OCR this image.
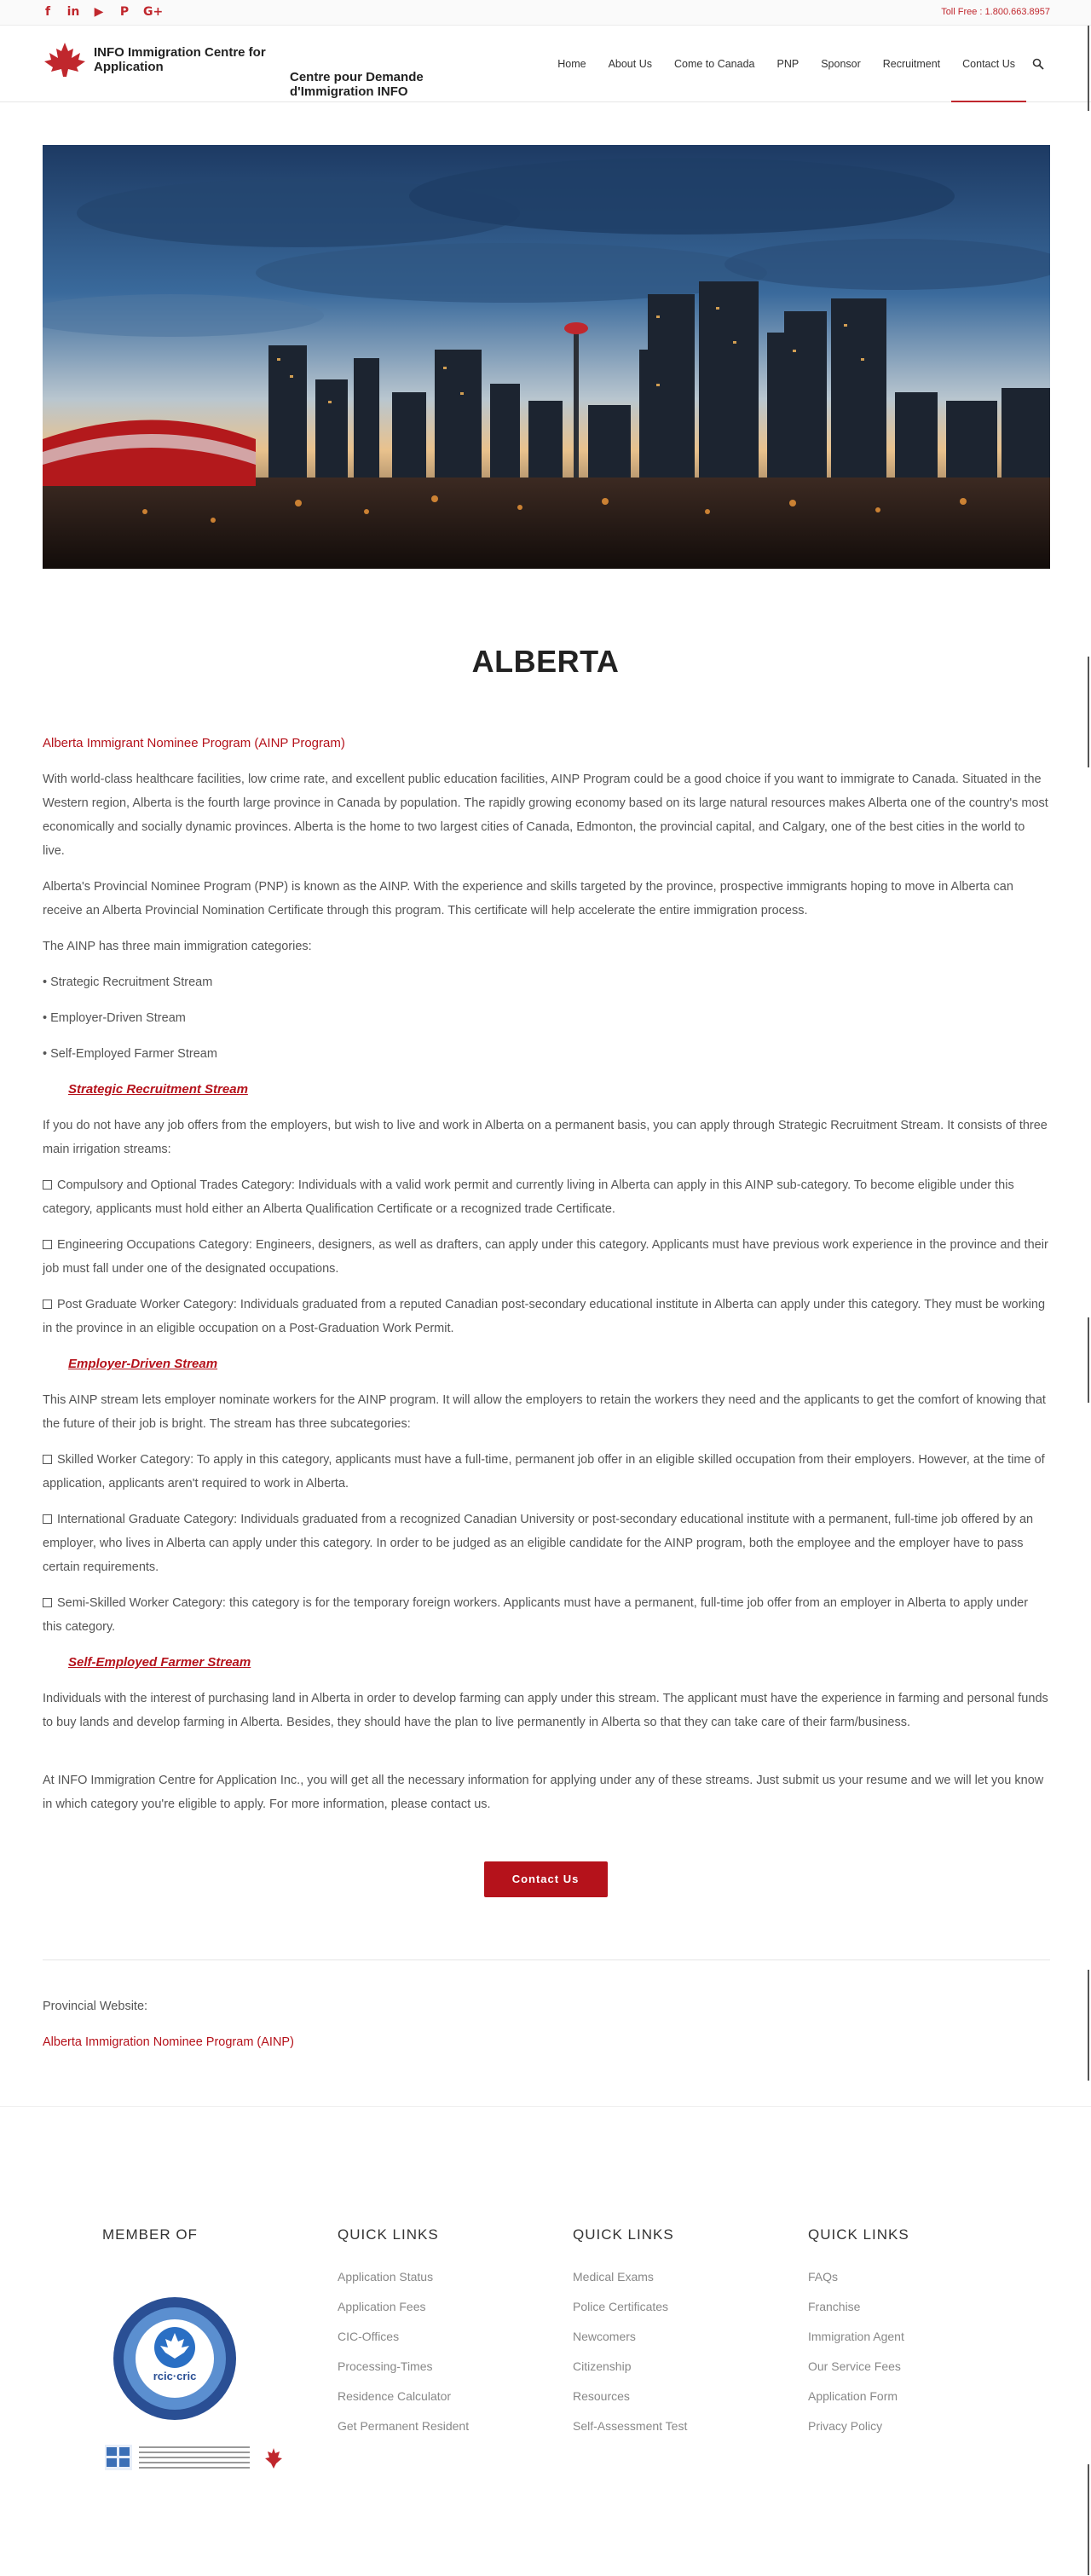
f	in ▶ P G+	Toll Free : 1.800.663.8957
INFO Immigration Centre for Application
Centre pour Demande d'Immigration INFO
Home	About Us	Come to Canada	PNP	Sponsor	Recruitment	Contact Us
ALBERTA

Alberta Immigrant Nominee Program (AINP Program)

With world-class healthcare facilities, low crime rate, and excellent public education facilities, AINP Program could be a good choice if you want to immigrate to Canada. Situated in the Western region, Alberta is the fourth large province in Canada by population. The rapidly growing economy based on its large natural resources makes Alberta one of the country's most economically and socially dynamic provinces. Alberta is the home to two largest cities of Canada, Edmonton, the provincial capital, and Calgary, one of the best cities in the world to live.

Alberta's Provincial Nominee Program (PNP) is known as the AINP. With the experience and skills targeted by the province, prospective immigrants hoping to move in Alberta can receive an Alberta Provincial Nomination Certificate through this program. This certificate will help accelerate the entire immigration process.

The AINP has three main immigration categories:

• Strategic Recruitment Stream

• Employer-Driven Stream

• Self-Employed Farmer Stream

Strategic Recruitment Stream

If you do not have any job offers from the employers, but wish to live and work in Alberta on a permanent basis, you can apply through Strategic Recruitment Stream. It consists of three main irrigation streams:

Compulsory and Optional Trades Category: Individuals with a valid work permit and currently living in Alberta can apply in this AINP sub-category. To become eligible under this category, applicants must hold either an Alberta Qualification Certificate or a recognized trade Certificate.

Engineering Occupations Category: Engineers, designers, as well as drafters, can apply under this category. Applicants must have previous work experience in the province and their job must fall under one of the designated occupations.

Post Graduate Worker Category: Individuals graduated from a reputed Canadian post-secondary educational institute in Alberta can apply under this category. They must be working in the province in an eligible occupation on a Post-Graduation Work Permit.

Employer-Driven Stream

This AINP stream lets employer nominate workers for the AINP program. It will allow the employers to retain the workers they need and the applicants to get the comfort of knowing that the future of their job is bright. The stream has three subcategories:

Skilled Worker Category: To apply in this category, applicants must have a full-time, permanent job offer in an eligible skilled occupation from their employers. However, at the time of application, applicants aren't required to work in Alberta.

International Graduate Category: Individuals graduated from a recognized Canadian University or post-secondary educational institute with a permanent, full-time job offered by an employer, who lives in Alberta can apply under this category. In order to be judged as an eligible candidate for the AINP program, both the employee and the employer have to pass certain requirements.

Semi-Skilled Worker Category: this category is for the temporary foreign workers. Applicants must have a permanent, full-time job offer from an employer in Alberta to apply under this category.

Self-Employed Farmer Stream

Individuals with the interest of purchasing land in Alberta in order to develop farming can apply under this stream. The applicant must have the experience in farming and personal funds to buy lands and develop farming in Alberta. Besides, they should have the plan to live permanently in Alberta so that they can take care of their farm/business.

At INFO Immigration Centre for Application Inc., you will get all the necessary information for applying under any of these streams. Just submit us your resume and we will let you know in which category you're eligible to apply. For more information, please contact us.

Contact Us
Provincial Website:
Alberta Immigration Nominee Program (AINP)
MEMBER OF
rcic·cric
QUICK LINKS
Application Status
Application Fees
CIC-Offices
Processing-Times
Residence Calculator
Get Permanent Resident
QUICK LINKS
Medical Exams
Police Certificates
Newcomers
Citizenship
Resources
Self-Assessment Test
QUICK LINKS
FAQs
Franchise
Immigration Agent
Our Service Fees
Application Form
Privacy Policy
